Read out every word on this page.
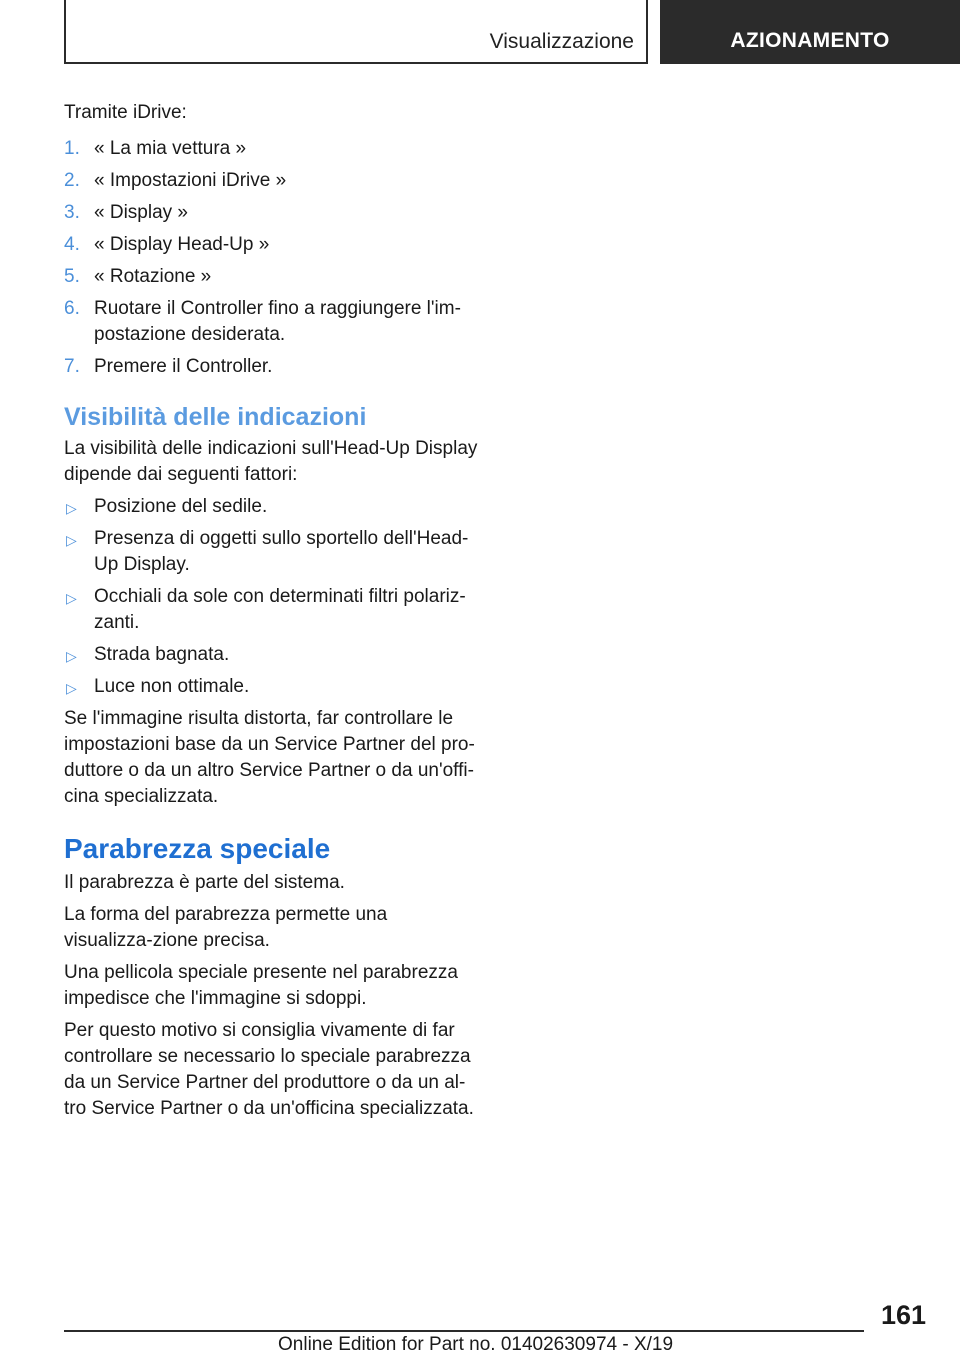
Visualizzazione	AZIONAMENTO

Tramite iDrive:

1. « La mia vettura »
2. « Impostazioni iDrive »
3. « Display »
4. « Display Head-Up »
5. « Rotazione »
6. Ruotare il Controller fino a raggiungere l'im-postazione desiderata.
7. Premere il Controller.
Visibilità delle indicazioni

La visibilità delle indicazioni sull'Head-Up Display dipende dai seguenti fattori:

▷ Posizione del sedile.
▷ Presenza di oggetti sullo sportello dell'Head-Up Display.
▷ Occhiali da sole con determinati filtri polariz-zanti.
▷ Strada bagnata.
▷ Luce non ottimale.

Se l'immagine risulta distorta, far controllare le impostazioni base da un Service Partner del pro-duttore o da un altro Service Partner o da un'offi-cina specializzata.

Parabrezza speciale

Il parabrezza è parte del sistema.

La forma del parabrezza permette una visualizza-zione precisa.

Una pellicola speciale presente nel parabrezza impedisce che l'immagine si sdoppi.

Per questo motivo si consiglia vivamente di far controllare se necessario lo speciale parabrezza da un Service Partner del produttore o da un al-tro Service Partner o da un'officina specializzata.

161
Online Edition for Part no. 01402630974 - X/19
